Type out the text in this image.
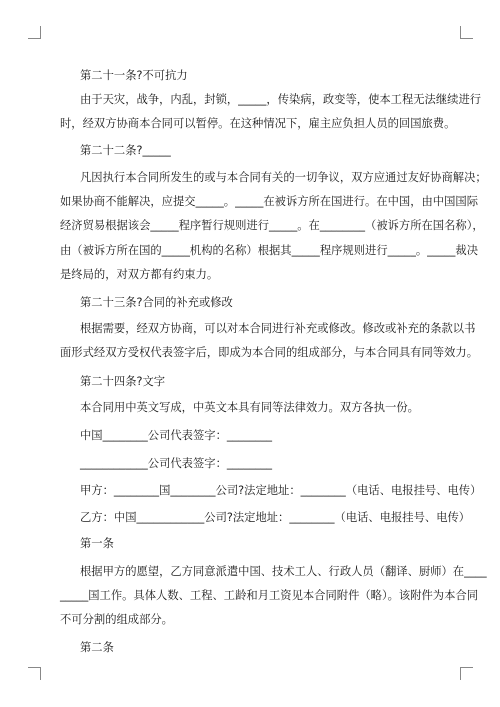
第二十一条?不可抗力
由于天灾，战争，内乱，封锁，_____，传染病，政变等，使本工程无法继续进行
时，经双方协商本合同可以暂停。在这种情况下，雇主应负担人员的回国旅费。
第二十二条?_____
凡因执行本合同所发生的或与本合同有关的一切争议，双方应通过友好协商解决；
如果协商不能解决，应提交_____。_____在被诉方所在国进行。在中国，由中国国际
经济贸易根据该会_____程序暂行规则进行_____。在________（被诉方所在国名称），
由（被诉方所在国的_____机构的名称）根据其_____程序规则进行_____。_____裁决
是终局的，对双方都有约束力。
第二十三条?合同的补充或修改
根据需要，经双方协商，可以对本合同进行补充或修改。修改或补充的条款以书
面形式经双方受权代表签字后，即成为本合同的组成部分，与本合同具有同等效力。
第二十四条?文字
本合同用中英文写成，中英文本具有同等法律效力。双方各执一份。
中国________公司代表签字：________
____________公司代表签字：________
甲方：________国________公司?法定地址：________（电话、电报挂号、电传）
乙方：中国____________公司?法定地址：________（电话、电报挂号、电传）
第一条
根据甲方的愿望，乙方同意派遣中国、技术工人、行政人员（翻译、厨师）在____
_____国工作。具体人数、工程、工龄和月工资见本合同附件（略）。该附件为本合同
不可分割的组成部分。
第二条
